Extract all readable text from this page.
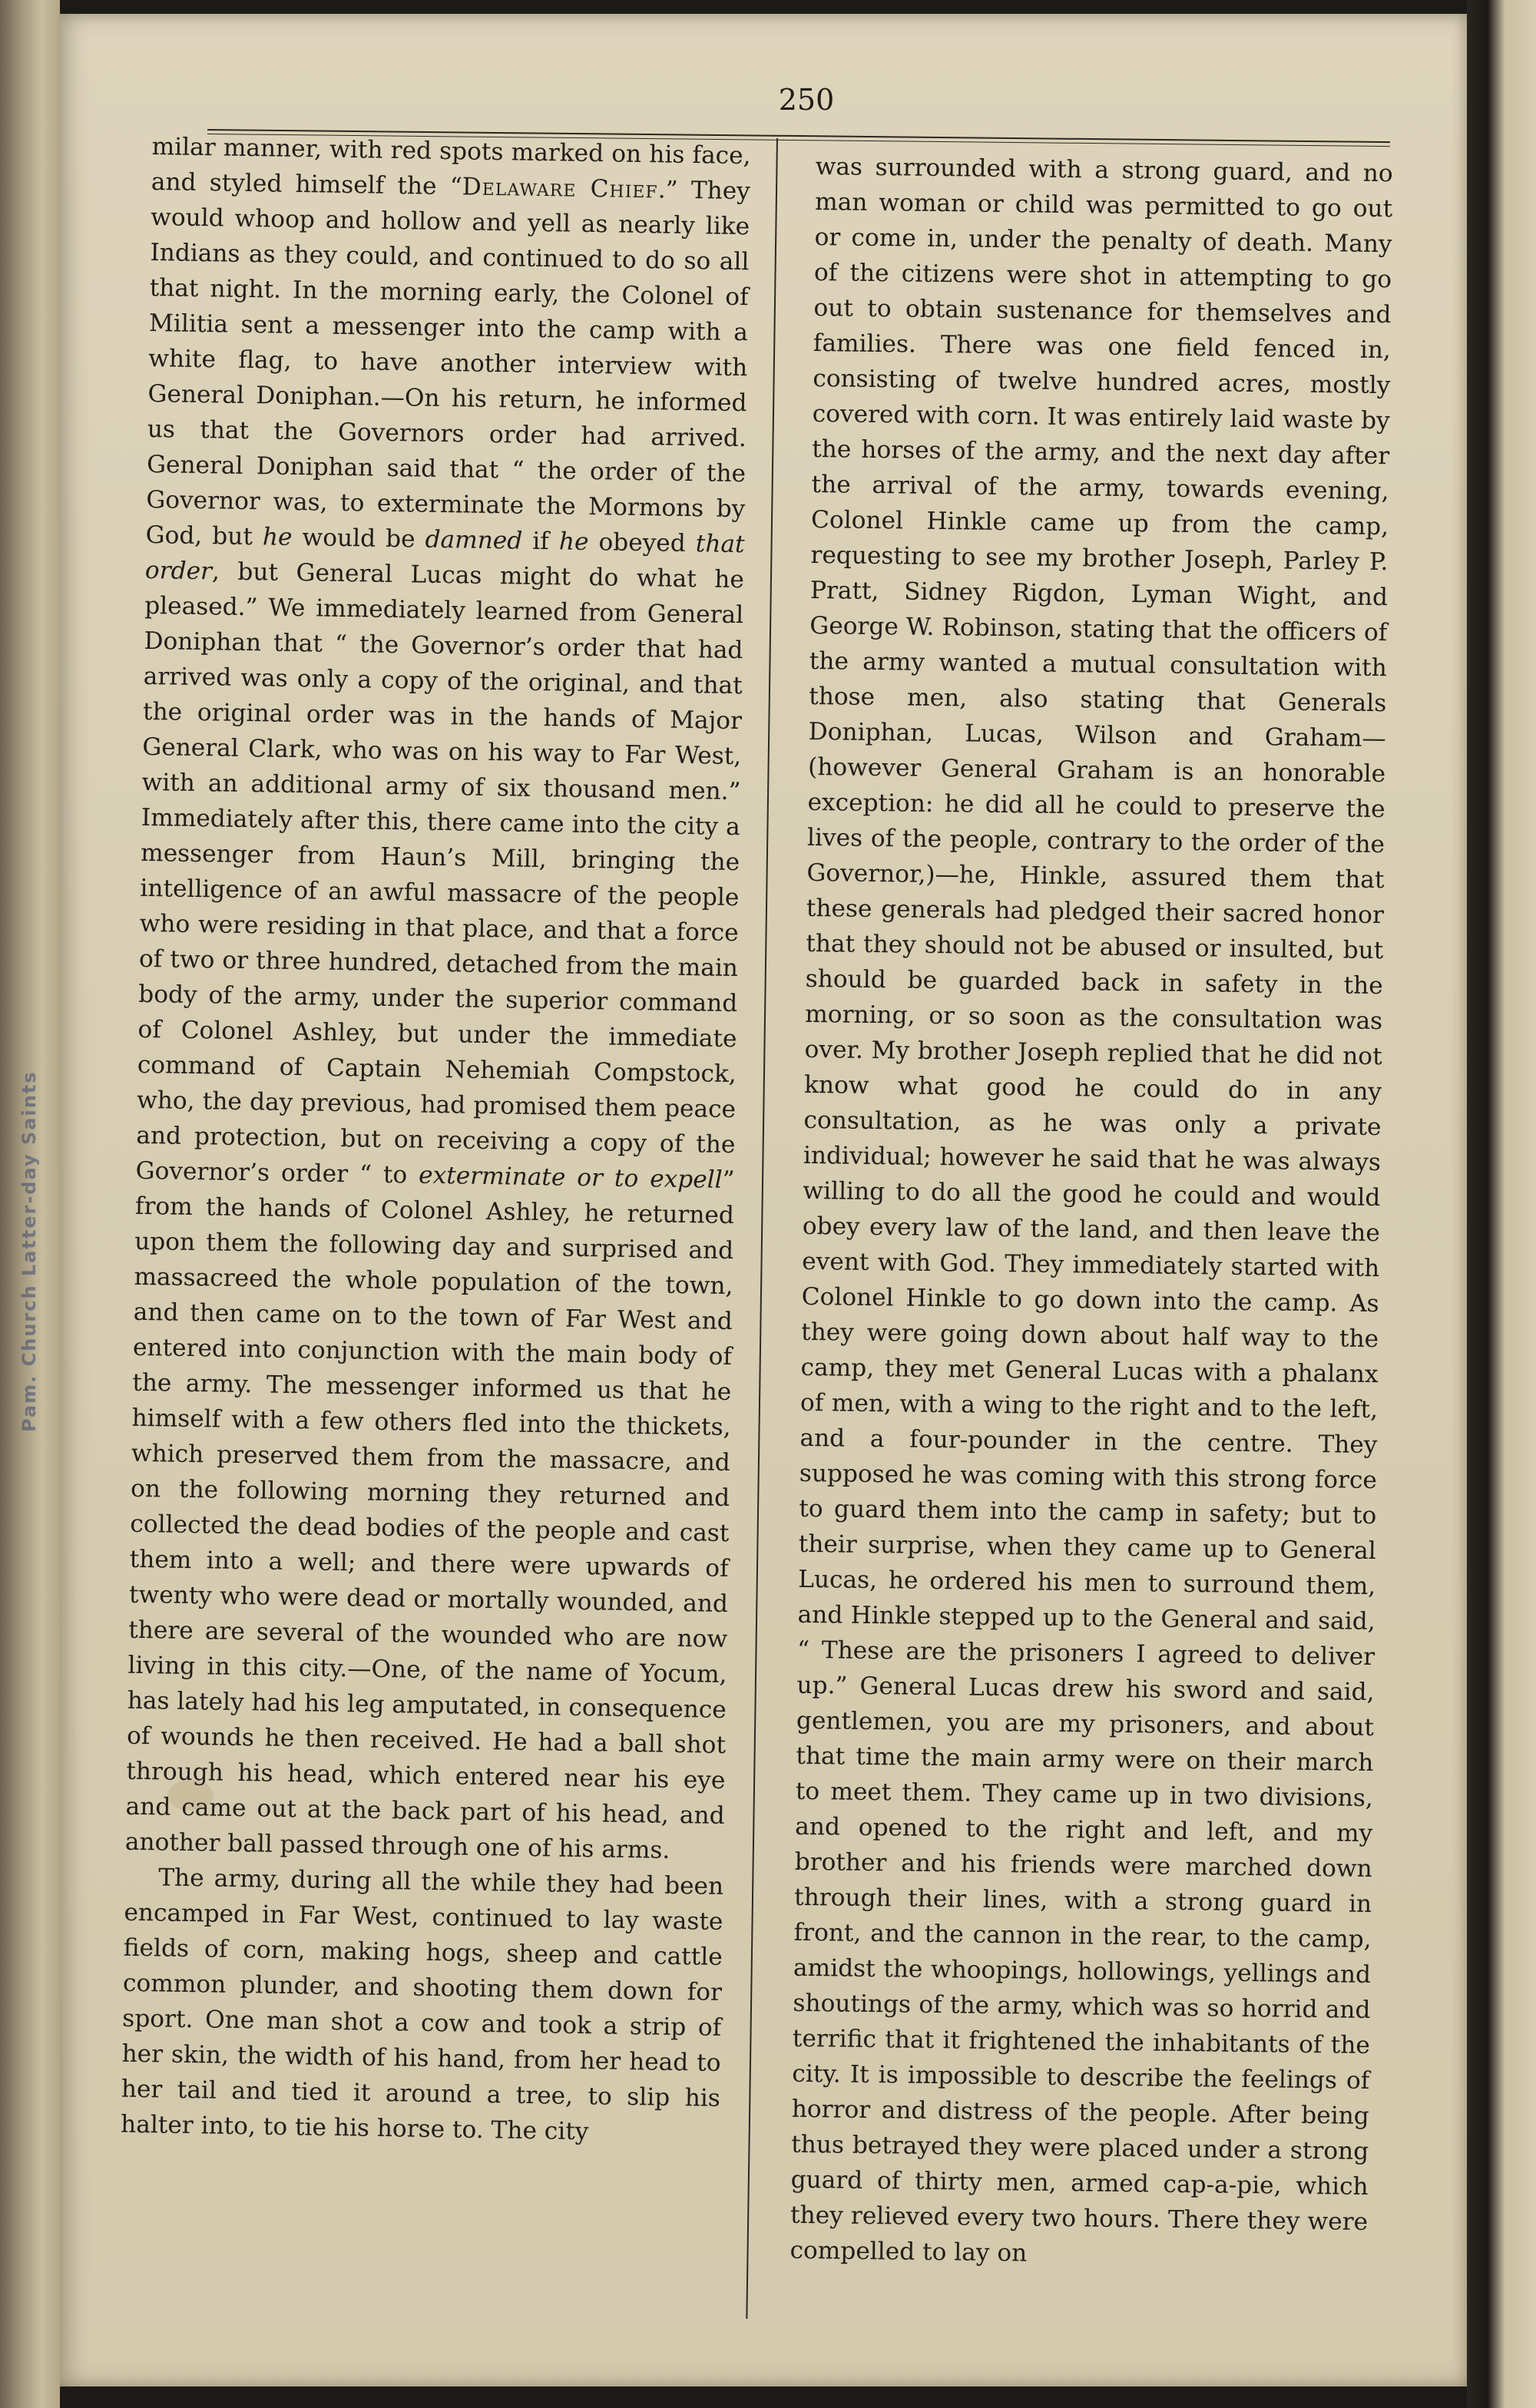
Pam. Church Latter-day Saints
250

milar manner, with red spots marked on his face, and styled himself the “Delaware Chief.” They would whoop and hollow and yell as nearly like Indians as they could, and continued to do so all that night. In the morning early, the Colonel of Militia sent a messenger into the camp with a white flag, to have another interview with General Doniphan.—On his return, he informed us that the Governors order had arrived. General Doniphan said that “ the order of the Governor was, to exterminate the Mormons by God, but he would be damned if he obeyed that order, but General Lucas might do what he pleased.” We immediately learned from General Doniphan that “ the Governor’s order that had arrived was only a copy of the original, and that the original order was in the hands of Major General Clark, who was on his way to Far West, with an additional army of six thousand men.” Immediately after this, there came into the city a messenger from Haun’s Mill, bringing the intelligence of an awful massacre of the people who were residing in that place, and that a force of two or three hundred, detached from the main body of the army, under the superior command of Colonel Ashley, but under the immediate command of Captain Nehemiah Compstock, who, the day previous, had promised them peace and protection, but on receiving a copy of the Governor’s order “ to exterminate or to expell” from the hands of Colonel Ashley, he returned upon them the following day and surprised and massacreed the whole population of the town, and then came on to the town of Far West and entered into conjunction with the main body of the army. The messenger informed us that he himself with a few others fled into the thickets, which preserved them from the massacre, and on the following morning they returned and collected the dead bodies of the people and cast them into a well; and there were upwards of twenty who were dead or mortally wounded, and there are several of the wounded who are now living in this city.—One, of the name of Yocum, has lately had his leg amputated, in consequence of wounds he then received. He had a ball shot through his head, which entered near his eye and came out at the back part of his head, and another ball passed through one of his arms.

The army, during all the while they had been encamped in Far West, continued to lay waste fields of corn, making hogs, sheep and cattle common plunder, and shooting them down for sport. One man shot a cow and took a strip of her skin, the width of his hand, from her head to her tail and tied it around a tree, to slip his halter into, to tie his horse to. The city

was surrounded with a strong guard, and no man woman or child was permitted to go out or come in, under the penalty of death. Many of the citizens were shot in attempting to go out to obtain sustenance for themselves and families. There was one field fenced in, consisting of twelve hundred acres, mostly covered with corn. It was entirely laid waste by the horses of the army, and the next day after the arrival of the army, towards evening, Colonel Hinkle came up from the camp, requesting to see my brother Joseph, Parley P. Pratt, Sidney Rigdon, Lyman Wight, and George W. Robinson, stating that the officers of the army wanted a mutual consultation with those men, also stating that Generals Doniphan, Lucas, Wilson and Graham—(however General Graham is an honorable exception: he did all he could to preserve the lives of the people, contrary to the order of the Governor,)—he, Hinkle, assured them that these generals had pledged their sacred honor that they should not be abused or insulted, but should be guarded back in safety in the morning, or so soon as the consultation was over. My brother Joseph replied that he did not know what good he could do in any consultation, as he was only a private individual; however he said that he was always willing to do all the good he could and would obey every law of the land, and then leave the event with God. They immediately started with Colonel Hinkle to go down into the camp. As they were going down about half way to the camp, they met General Lucas with a phalanx of men, with a wing to the right and to the left, and a four-pounder in the centre. They supposed he was coming with this strong force to guard them into the camp in safety; but to their surprise, when they came up to General Lucas, he ordered his men to surround them, and Hinkle stepped up to the General and said, “ These are the prisoners I agreed to deliver up.” General Lucas drew his sword and said, gentlemen, you are my prisoners, and about that time the main army were on their march to meet them. They came up in two divisions, and opened to the right and left, and my brother and his friends were marched down through their lines, with a strong guard in front, and the cannon in the rear, to the camp, amidst the whoopings, hollowings, yellings and shoutings of the army, which was so horrid and terrific that it frightened the inhabitants of the city. It is impossible to describe the feelings of horror and distress of the people. After being thus betrayed they were placed under a strong guard of thirty men, armed cap-a-pie, which they relieved every two hours. There they were compelled to lay on
